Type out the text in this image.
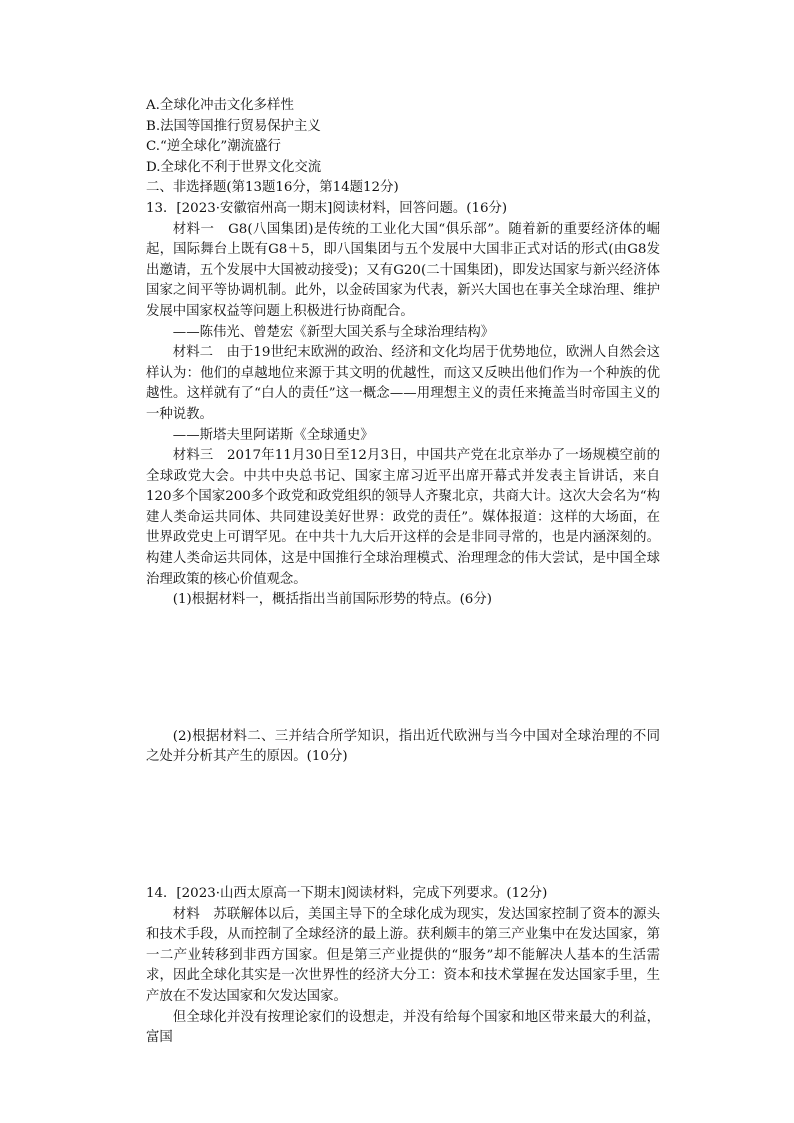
A.全球化冲击文化多样性
B.法国等国推行贸易保护主义
C.“逆全球化”潮流盛行
D.全球化不利于世界文化交流
二、非选择题(第13题16分，第14题12分)
13．[2023·安徽宿州高一期末]阅读材料，回答问题。(16分)

材料一　G8(八国集团)是传统的工业化大国“俱乐部”。随着新的重要经济体的崛起，国际舞台上既有G8＋5，即八国集团与五个发展中大国非正式对话的形式(由G8发出邀请，五个发展中大国被动接受)；又有G20(二十国集团)，即发达国家与新兴经济体国家之间平等协调机制。此外，以金砖国家为代表，新兴大国也在事关全球治理、维护发展中国家权益等问题上积极进行协商配合。

——陈伟光、曾楚宏《新型大国关系与全球治理结构》

材料二　由于19世纪末欧洲的政治、经济和文化均居于优势地位，欧洲人自然会这样认为：他们的卓越地位来源于其文明的优越性，而这又反映出他们作为一个种族的优越性。这样就有了“白人的责任”这一概念——用理想主义的责任来掩盖当时帝国主义的一种说教。

——斯塔夫里阿诺斯《全球通史》

材料三　2017年11月30日至12月3日，中国共产党在北京举办了一场规模空前的全球政党大会。中共中央总书记、国家主席习近平出席开幕式并发表主旨讲话，来自120多个国家200多个政党和政党组织的领导人齐聚北京，共商大计。这次大会名为“构建人类命运共同体、共同建设美好世界：政党的责任”。媒体报道：这样的大场面，在世界政党史上可谓罕见。在中共十九大后开这样的会是非同寻常的，也是内涵深刻的。构建人类命运共同体，这是中国推行全球治理模式、治理理念的伟大尝试，是中国全球治理政策的核心价值观念。

(1)根据材料一，概括指出当前国际形势的特点。(6分)

(2)根据材料二、三并结合所学知识，指出近代欧洲与当今中国对全球治理的不同之处并分析其产生的原因。(10分)

14．[2023·山西太原高一下期末]阅读材料，完成下列要求。(12分)

材料　苏联解体以后，美国主导下的全球化成为现实，发达国家控制了资本的源头和技术手段，从而控制了全球经济的最上游。获利颇丰的第三产业集中在发达国家，第一二产业转移到非西方国家。但是第三产业提供的“服务”却不能解决人基本的生活需求，因此全球化其实是一次世界性的经济大分工：资本和技术掌握在发达国家手里，生产放在不发达国家和欠发达国家。

但全球化并没有按理论家们的设想走，并没有给每个国家和地区带来最大的利益，富国
